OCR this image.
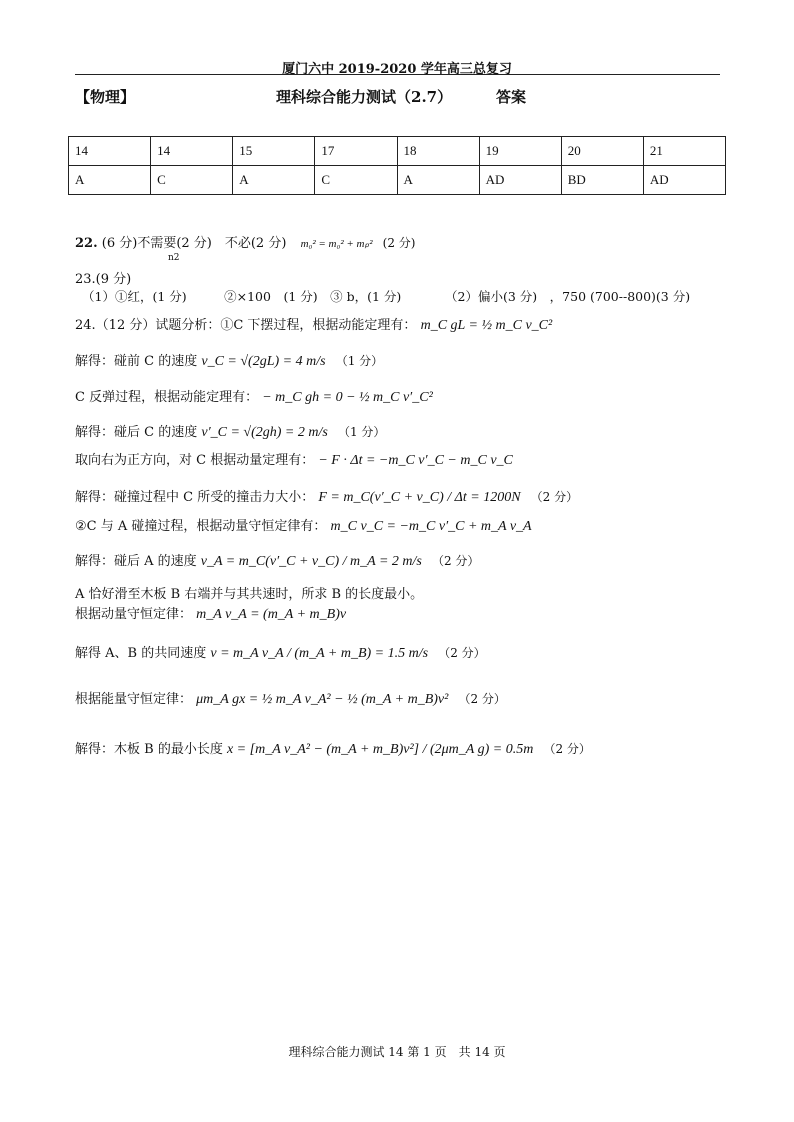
厦门六中 2019-2020 学年高三总复习
【物理】	理科综合能力测试（2.7）	答案
14	14	15	17	18	19	20	21
A	C	A	C	A	AD	BD	AD
22. (6 分)不需要(2 分)　不必(2 分) m₀² = m₀² + mₚ² (2 分)
n2
23.(9 分)
（1）①红，(1 分)　　　②×100　(1 分)　③ b，(1 分)　　　　（2）偏小(3 分)　，750 (700--800)(3 分)
24.（12 分）试题分析：①C 下摆过程，根据动能定理有： m_C gL = ½ m_C v_C²
解得：碰前 C 的速度 v_C = √(2gL) = 4 m/s （1 分）
C 反弹过程，根据动能定理有： − m_C gh = 0 − ½ m_C v′_C²
解得：碰后 C 的速度 v′_C = √(2gh) = 2 m/s （1 分）
取向右为正方向，对 C 根据动量定理有： − F · Δt = −m_C v′_C − m_C v_C
解得：碰撞过程中 C 所受的撞击力大小： F = m_C(v′_C + v_C) / Δt = 1200N （2 分）
②C 与 A 碰撞过程，根据动量守恒定律有： m_C v_C = −m_C v′_C + m_A v_A
解得：碰后 A 的速度 v_A = m_C(v′_C + v_C) / m_A = 2 m/s （2 分）
A 恰好滑至木板 B 右端并与其共速时，所求 B 的长度最小。
根据动量守恒定律： m_A v_A = (m_A + m_B)v
解得 A、B 的共同速度 v = m_A v_A / (m_A + m_B) = 1.5 m/s （2 分）
根据能量守恒定律： μm_A gx = ½ m_A v_A² − ½ (m_A + m_B)v² （2 分）
解得：木板 B 的最小长度 x = [m_A v_A² − (m_A + m_B)v²] / (2μm_A g) = 0.5m （2 分）
理科综合能力测试 14 第 1 页　共 14 页
